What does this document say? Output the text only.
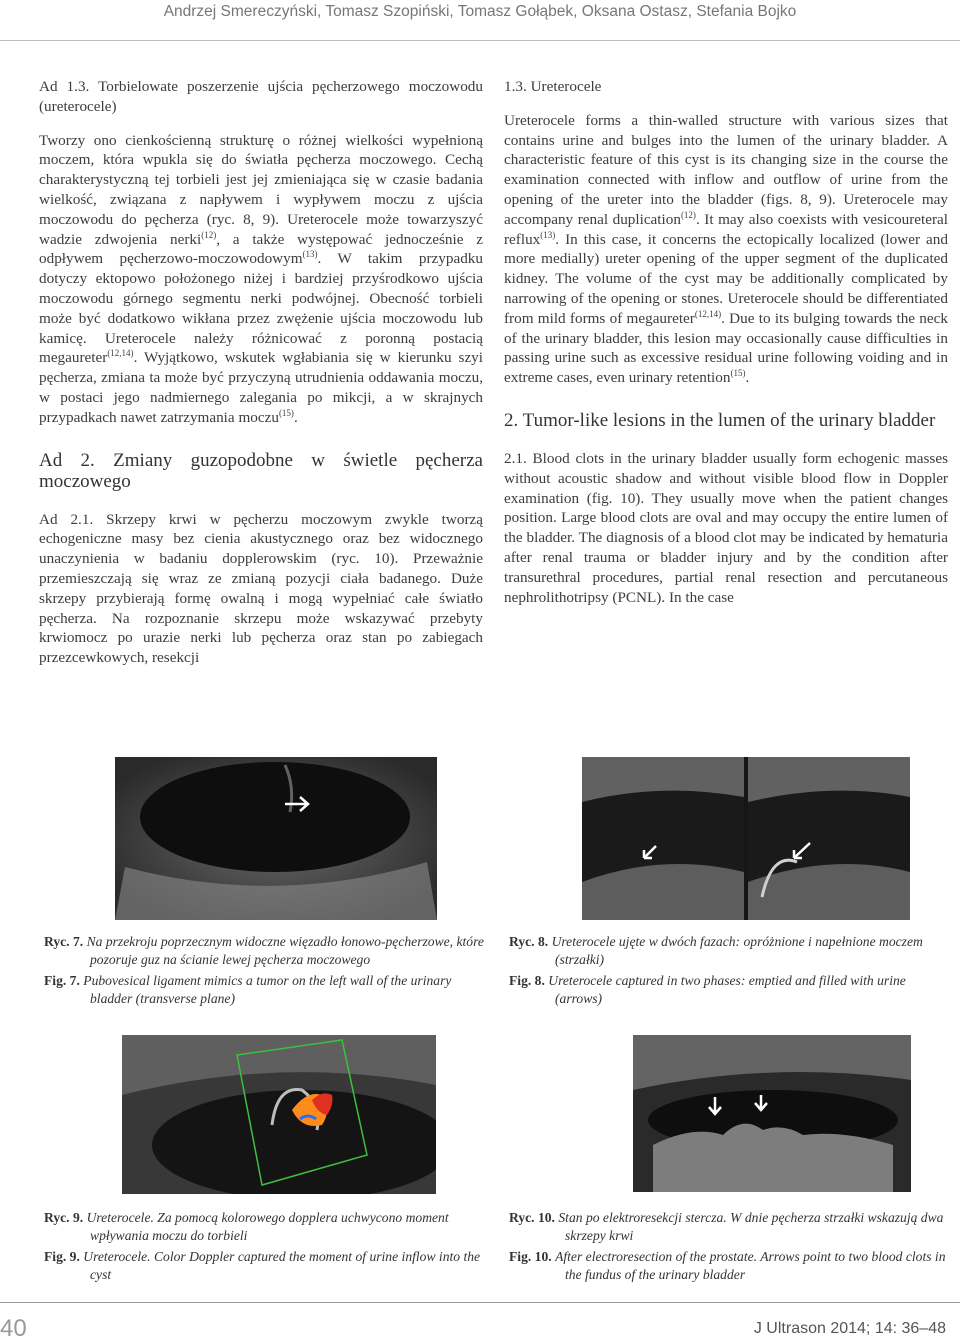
Andrzej Smereczyński, Tomasz Szopiński, Tomasz Gołąbek, Oksana Ostasz, Stefania Bojko

Ad 1.3. Torbielowate poszerzenie ujścia pęcherzowego moczowodu (ureterocele)

Tworzy ono cienkościenną strukturę o różnej wielkości wypełnioną moczem, która wpukla się do światła pęcherza moczowego. Cechą charakterystyczną tej torbieli jest jej zmieniająca się w czasie badania wielkość, związana z napływem i wypływem moczu z ujścia moczowodu do pęcherza (ryc. 8, 9). Ureterocele może towarzyszyć wadzie zdwojenia nerki$^{(12)}$, a także występować jednocześnie z odpływem pęcherzowo-moczowodowym$^{(13)}$. W takim przypadku dotyczy ektopowo położonego niżej i bardziej przyśrodkowo ujścia moczowodu górnego segmentu nerki podwójnej. Obecność torbieli może być dodatkowo wikłana przez zwężenie ujścia moczowodu lub kamicę. Ureterocele należy różnicować z poronną postacią megaureter$^{(12,14)}$. Wyjątkowo, wskutek wgłabiania się w kierunku szyi pęcherza, zmiana ta może być przyczyną utrudnienia oddawania moczu, w postaci jego nadmiernego zalegania po mikcji, a w skrajnych przypadkach nawet zatrzymania moczu$^{(15)}$.

Ad 2. Zmiany guzopodobne w świetle pęcherza moczowego

Ad 2.1. Skrzepy krwi w pęcherzu moczowym zwykle tworzą echogeniczne masy bez cienia akustycznego oraz bez widocznego unaczynienia w badaniu dopplerowskim (ryc. 10). Przeważnie przemieszczają się wraz ze zmianą pozycji ciała badanego. Duże skrzepy przybierają formę owalną i mogą wypełniać całe światło pęcherza. Na rozpoznanie skrzepu może wskazywać przebyty krwiomocz po urazie nerki lub pęcherza oraz stan po zabiegach przezcewkowych, resekcji

1.3. Ureterocele

Ureterocele forms a thin-walled structure with various sizes that contains urine and bulges into the lumen of the urinary bladder. A characteristic feature of this cyst is its changing size in the course the examination connected with inflow and outflow of urine from the opening of the ureter into the bladder (figs. 8, 9). Ureterocele may accompany renal duplication$^{(12)}$. It may also coexists with vesicoureteral reflux$^{(13)}$. In this case, it concerns the ectopically localized (lower and more medially) ureter opening of the upper segment of the duplicated kidney. The volume of the cyst may be additionally complicated by narrowing of the opening or stones. Ureterocele should be differentiated from mild forms of megaureter$^{(12,14)}$. Due to its bulging towards the neck of the urinary bladder, this lesion may occasionally cause difficulties in passing urine such as excessive residual urine following voiding and in extreme cases, even urinary retention$^{(15)}$.

2. Tumor-like lesions in the lumen of the urinary bladder

2.1. Blood clots in the urinary bladder usually form echogenic masses without acoustic shadow and without visible blood flow in Doppler examination (fig. 10). They usually move when the patient changes position. Large blood clots are oval and may occupy the entire lumen of the bladder. The diagnosis of a blood clot may be indicated by hematuria after renal trauma or bladder injury and by the condition after transurethral procedures, partial renal resection and percutaneous nephrolithotripsy (PCNL). In the case

Ryc. 7. Na przekroju poprzecznym widoczne więzadło łonowo-pęcherzowe, które pozoruje guz na ścianie lewej pęcherza moczowego
Fig. 7. Pubovesical ligament mimics a tumor on the left wall of the urinary bladder (transverse plane)
Ryc. 8. Ureterocele ujęte w dwóch fazach: opróżnione i napełnione moczem (strzałki)
Fig. 8. Ureterocele captured in two phases: emptied and filled with urine (arrows)
Ryc. 9. Ureterocele. Za pomocą kolorowego dopplera uchwycono moment wpływania moczu do torbieli
Fig. 9. Ureterocele. Color Doppler captured the moment of urine inflow into the cyst
Ryc. 10. Stan po elektroresekcji stercza. W dnie pęcherza strzałki wskazują dwa skrzepy krwi
Fig. 10. After electroresection of the prostate. Arrows point to two blood clots in the fundus of the urinary bladder
40	J Ultrason 2014; 14: 36–48
